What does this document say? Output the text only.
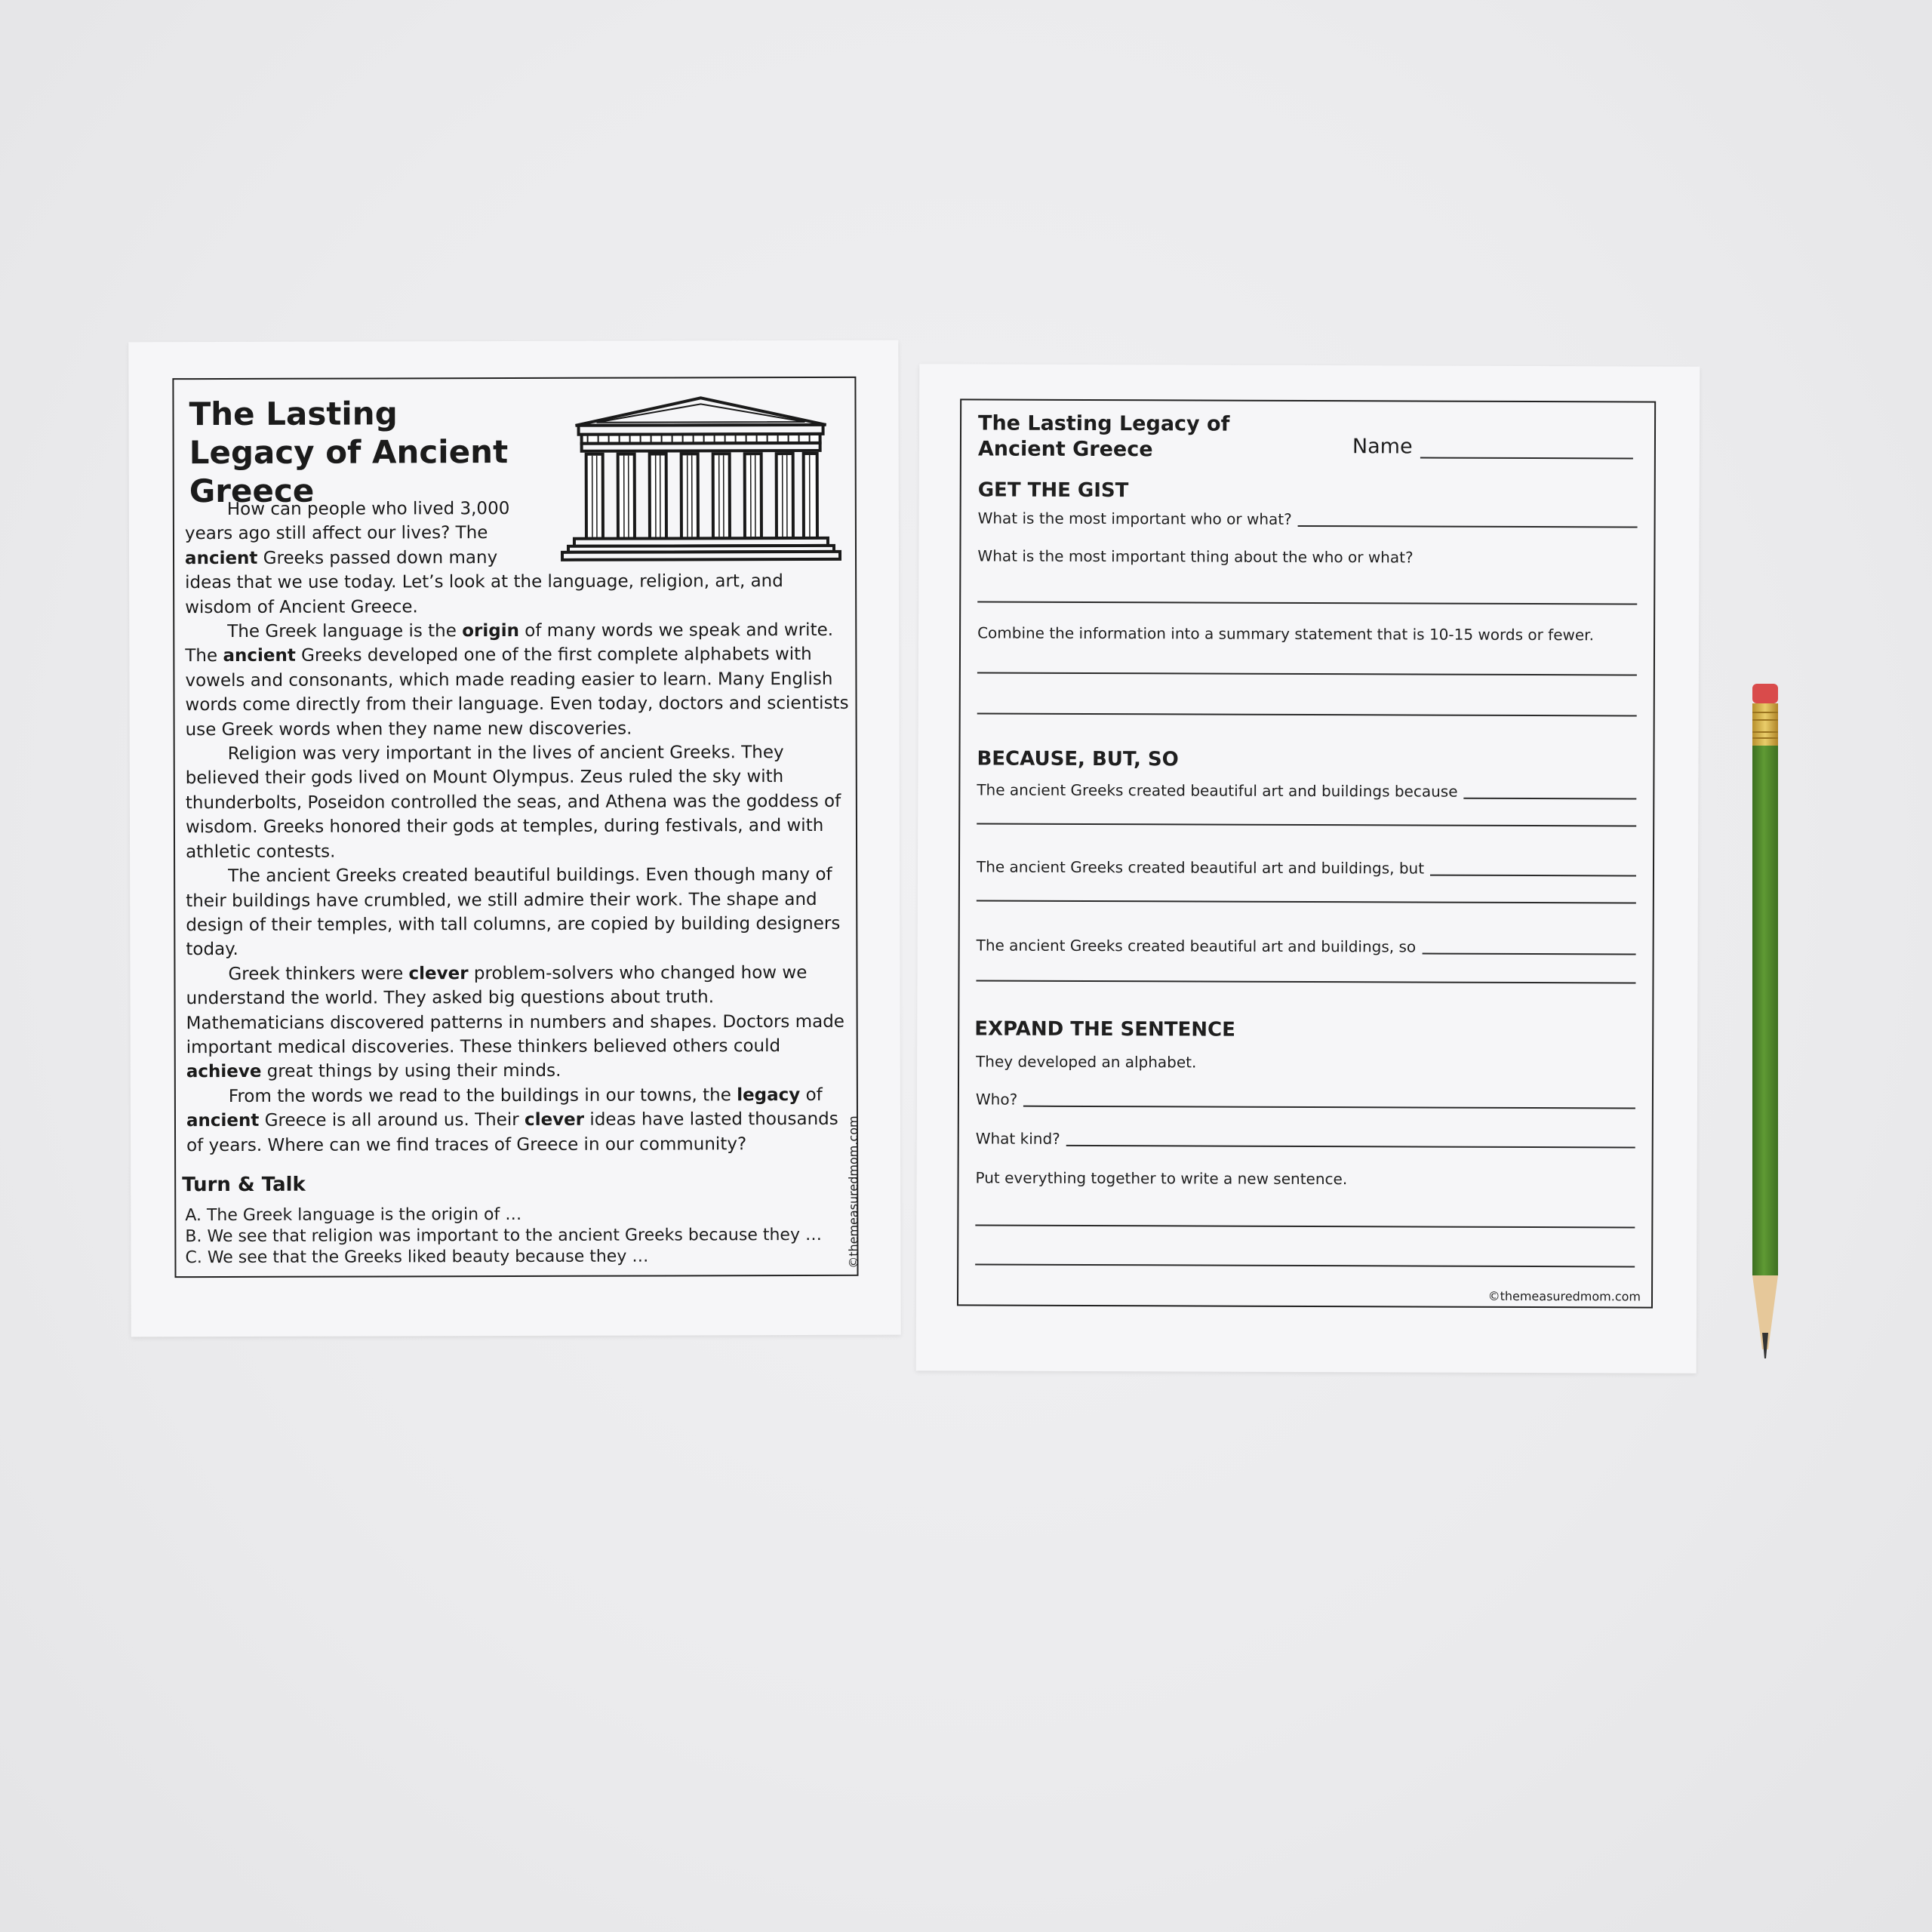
The Lasting Legacy of Ancient Greece

How can people who lived 3,000 years ago still affect our lives? The ancient Greeks passed down many ideas that we use today. Let’s look at the language, religion, art, and wisdom of Ancient Greece.

The Greek language is the origin of many words we speak and write. The ancient Greeks developed one of the first complete alphabets with vowels and consonants, which made reading easier to learn. Many English words come directly from their language. Even today, doctors and scientists use Greek words when they name new discoveries.

Religion was very important in the lives of ancient Greeks. They believed their gods lived on Mount Olympus. Zeus ruled the sky with thunderbolts, Poseidon controlled the seas, and Athena was the goddess of wisdom. Greeks honored their gods at temples, during festivals, and with athletic contests.

The ancient Greeks created beautiful buildings. Even though many of their buildings have crumbled, we still admire their work. The shape and design of their temples, with tall columns, are copied by building designers today.

Greek thinkers were clever problem-solvers who changed how we understand the world. They asked big questions about truth. Mathematicians discovered patterns in numbers and shapes. Doctors made important medical discoveries. These thinkers believed others could achieve great things by using their minds.

From the words we read to the buildings in our towns, the legacy of ancient Greece is all around us. Their clever ideas have lasted thousands of years. Where can we find traces of Greece in our community?

Turn & Talk
A. The Greek language is the origin of …
B. We see that religion was important to the ancient Greeks because they …
C. We see that the Greeks liked beauty because they …	©themeasuredmom.com
The Lasting Legacy of Ancient Greece	Name
GET THE GIST
What is the most important who or what?
What is the most important thing about the who or what?
Combine the information into a summary statement that is 10-15 words or fewer.
BECAUSE, BUT, SO
The ancient Greeks created beautiful art and buildings because
The ancient Greeks created beautiful art and buildings, but
The ancient Greeks created beautiful art and buildings, so
EXPAND THE SENTENCE
They developed an alphabet.
Who?
What kind?
Put everything together to write a new sentence.
©themeasuredmom.com
